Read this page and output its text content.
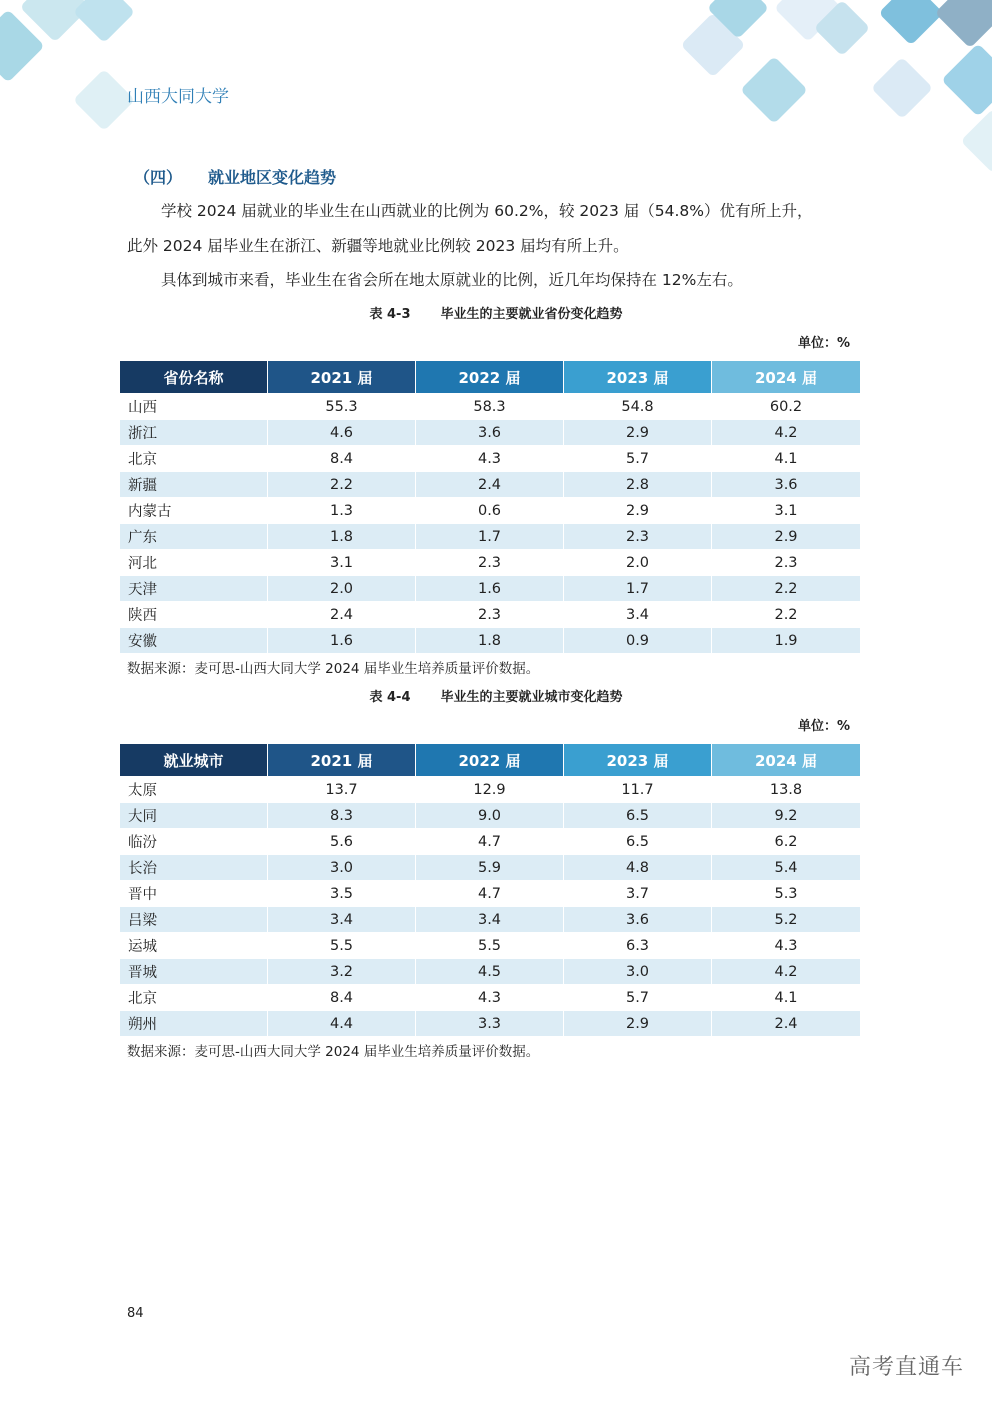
山西大同大学
（四） 就业地区变化趋势
学校 2024 届就业的毕业生在山西就业的比例为 60.2%，较 2023 届（54.8%）优有所上升，
此外 2024 届毕业生在浙江、新疆等地就业比例较 2023 届均有所上升。
具体到城市来看，毕业生在省会所在地太原就业的比例，近几年均保持在 12%左右。
表 4-3 毕业生的主要就业省份变化趋势
单位：%
省份名称	2021 届	2022 届	2023 届	2024 届
山西	55.3	58.3	54.8	60.2
浙江	4.6	3.6	2.9	4.2
北京	8.4	4.3	5.7	4.1
新疆	2.2	2.4	2.8	3.6
内蒙古	1.3	0.6	2.9	3.1
广东	1.8	1.7	2.3	2.9
河北	3.1	2.3	2.0	2.3
天津	2.0	1.6	1.7	2.2
陕西	2.4	2.3	3.4	2.2
安徽	1.6	1.8	0.9	1.9
数据来源：麦可思-山西大同大学 2024 届毕业生培养质量评价数据。
表 4-4 毕业生的主要就业城市变化趋势
单位：%
就业城市	2021 届	2022 届	2023 届	2024 届
太原	13.7	12.9	11.7	13.8
大同	8.3	9.0	6.5	9.2
临汾	5.6	4.7	6.5	6.2
长治	3.0	5.9	4.8	5.4
晋中	3.5	4.7	3.7	5.3
吕梁	3.4	3.4	3.6	5.2
运城	5.5	5.5	6.3	4.3
晋城	3.2	4.5	3.0	4.2
北京	8.4	4.3	5.7	4.1
朔州	4.4	3.3	2.9	2.4
数据来源：麦可思-山西大同大学 2024 届毕业生培养质量评价数据。
84
高考直通车
